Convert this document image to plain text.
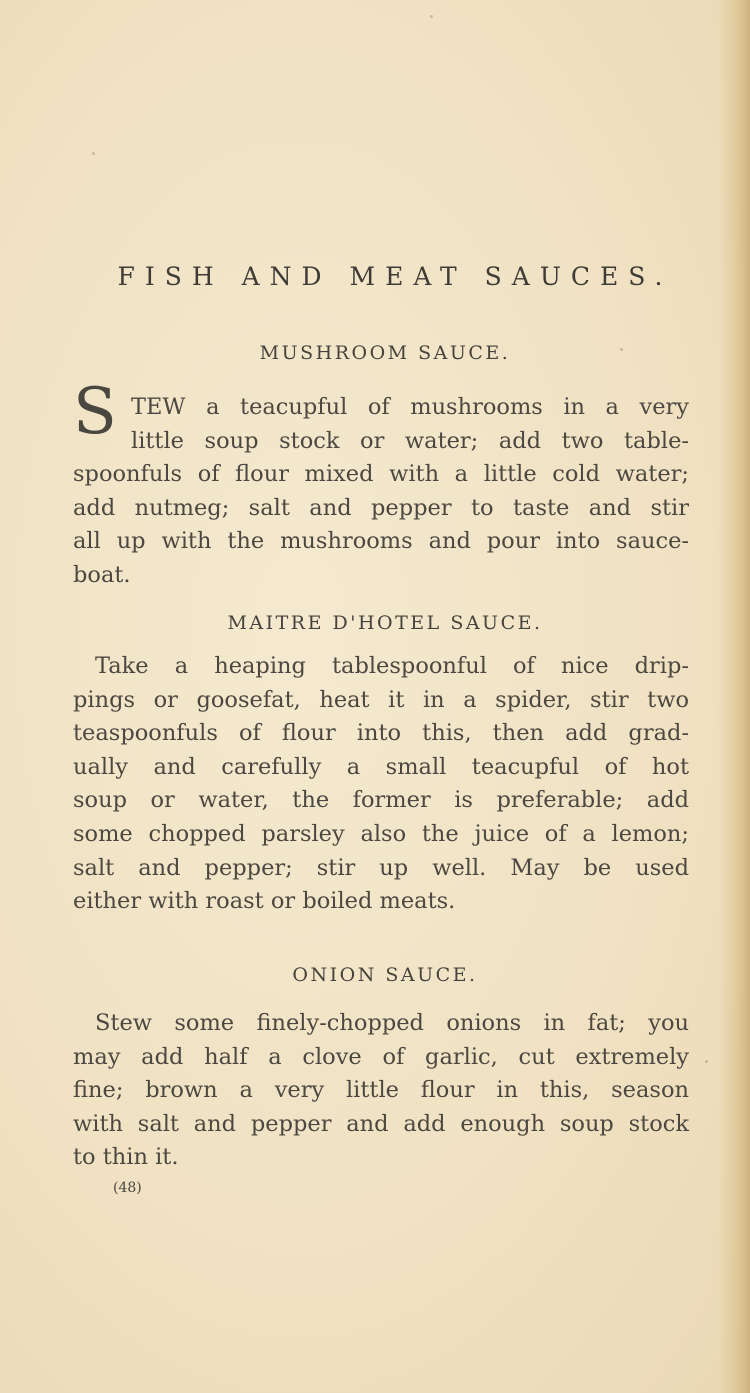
FISH AND MEAT SAUCES.
MUSHROOM SAUCE.
S TEW a teacupful of mushrooms in a very
little soup stock or water; add two table-
spoonfuls of flour mixed with a little cold water;
add nutmeg; salt and pepper to taste and stir
all up with the mushrooms and pour into sauce-
boat.
MAITRE D'HOTEL SAUCE.
Take a heaping tablespoonful of nice drip-
pings or goosefat, heat it in a spider, stir two
teaspoonfuls of flour into this, then add grad-
ually and carefully a small teacupful of hot
soup or water, the former is preferable; add
some chopped parsley also the juice of a lemon;
salt and pepper; stir up well. May be used
either with roast or boiled meats.
ONION SAUCE.
Stew some finely-chopped onions in fat; you
may add half a clove of garlic, cut extremely
fine; brown a very little flour in this, season
with salt and pepper and add enough soup stock
to thin it.
(48)
